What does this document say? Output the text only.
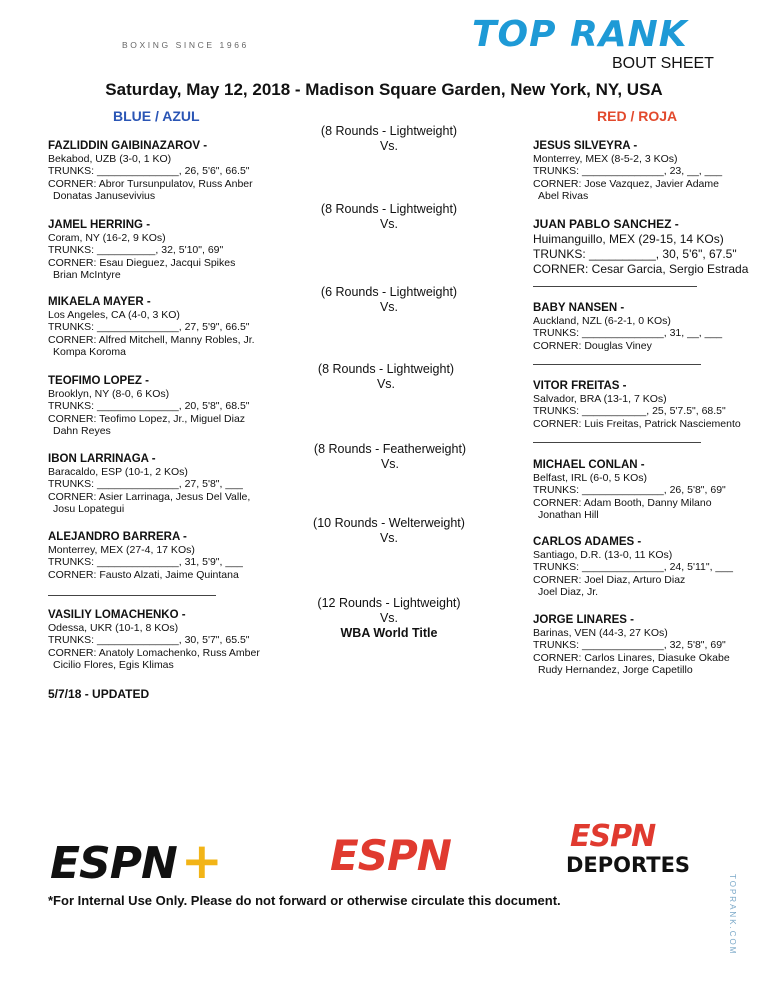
BOXING SINCE 1966	TOP RANK
BOUT SHEET
Saturday, May 12, 2018 - Madison Square Garden, New York, NY, USA
BLUE / AZUL	RED / ROJA
FAZLIDDIN GAIBINAZAROV -
Bekabod, UZB (3-0, 1 KO)
TRUNKS: ______________, 26, 5'6", 66.5"
CORNER: Abror Tursunpulatov, Russ Anber
Donatas Janusevivius
JAMEL HERRING -
Coram, NY (16-2, 9 KOs)
TRUNKS: __________, 32, 5'10", 69"
CORNER: Esau Dieguez, Jacqui Spikes
Brian McIntyre
MIKAELA MAYER -
Los Angeles, CA (4-0, 3 KO)
TRUNKS: ______________, 27, 5'9", 66.5"
CORNER: Alfred Mitchell, Manny Robles, Jr.
Kompa Koroma
TEOFIMO LOPEZ -
Brooklyn, NY (8-0, 6 KOs)
TRUNKS: ______________, 20, 5'8", 68.5"
CORNER: Teofimo Lopez, Jr., Miguel Diaz
Dahn Reyes
IBON LARRINAGA -
Baracaldo, ESP (10-1, 2 KOs)
TRUNKS: ______________, 27, 5'8", ___
CORNER: Asier Larrinaga, Jesus Del Valle,
Josu Lopategui
ALEJANDRO BARRERA -
Monterrey, MEX (27-4, 17 KOs)
TRUNKS: ______________, 31, 5'9", ___
CORNER: Fausto Alzati, Jaime Quintana
VASILIY LOMACHENKO -
Odessa, UKR (10-1, 8 KOs)
TRUNKS: ______________, 30, 5'7", 65.5"
CORNER: Anatoly Lomachenko, Russ Amber
Cicilio Flores, Egis Klimas
5/7/18 - UPDATED
(8 Rounds - Lightweight)
Vs.
(8 Rounds - Lightweight)
Vs.
(6 Rounds - Lightweight)
Vs.
(8 Rounds - Lightweight)
Vs.
(8 Rounds - Featherweight)
Vs.
(10 Rounds - Welterweight)
Vs.
(12 Rounds - Lightweight)
Vs.
WBA World Title
JESUS SILVEYRA -
Monterrey, MEX (8-5-2, 3 KOs)
TRUNKS: ______________, 23, __, ___
CORNER: Jose Vazquez, Javier Adame
Abel Rivas
JUAN PABLO SANCHEZ -
Huimanguillo, MEX (29-15, 14 KOs)
TRUNKS: __________, 30, 5'6", 67.5"
CORNER: Cesar Garcia, Sergio Estrada
BABY NANSEN -
Auckland, NZL (6-2-1, 0 KOs)
TRUNKS: ______________, 31, __, ___
CORNER: Douglas Viney
VITOR FREITAS -
Salvador, BRA (13-1, 7 KOs)
TRUNKS: ___________, 25, 5'7.5", 68.5"
CORNER: Luis Freitas, Patrick Nasciemento
MICHAEL CONLAN -
Belfast, IRL (6-0, 5 KOs)
TRUNKS: ______________, 26, 5'8", 69"
CORNER: Adam Booth, Danny Milano
Jonathan Hill
CARLOS ADAMES -
Santiago, D.R. (13-0, 11 KOs)
TRUNKS: ______________, 24, 5'11", ___
CORNER: Joel Diaz, Arturo Diaz
Joel Diaz, Jr.
JORGE LINARES -
Barinas, VEN (44-3, 27 KOs)
TRUNKS: ______________, 32, 5'8", 69"
CORNER: Carlos Linares, Diasuke Okabe
Rudy Hernandez, Jorge Capetillo
ESPN+	ESPN	ESPN
DEPORTES
*For Internal Use Only. Please do not forward or otherwise circulate this document.	TOPRANK.COM
